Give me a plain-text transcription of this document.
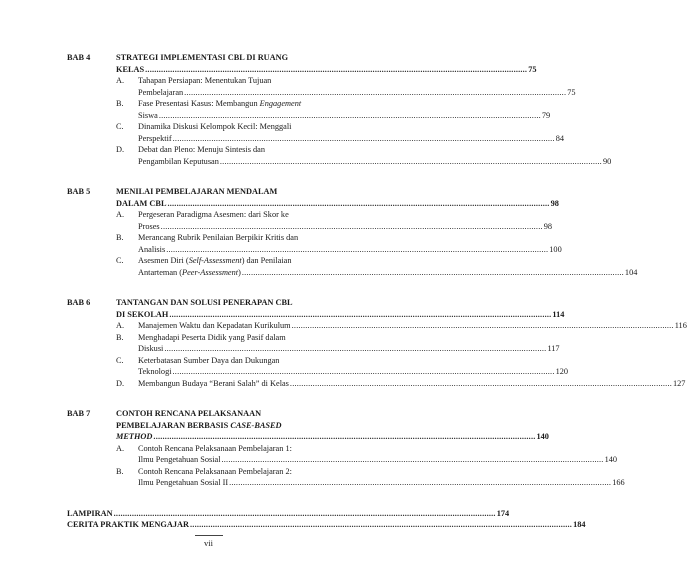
BAB 4	STRATEGI IMPLEMENTASI CBL DI RUANG
KELAS .....	75
A. Tahapan Persiapan: Menentukan Tujuan
Pembelajaran .....	75
B. Fase Presentasi Kasus: Membangun Engagement
Siswa .....	79
C. Dinamika Diskusi Kelompok Kecil: Menggali
Perspektif .....	84
D. Debat dan Pleno: Menuju Sintesis dan
Pengambilan Keputusan .....	90
BAB 5	MENILAI PEMBELAJARAN MENDALAM
DALAM CBL .....	98
A. Pergeseran Paradigma Asesmen: dari Skor ke
Proses .....	98
B. Merancang Rubrik Penilaian Berpikir Kritis dan
Analisis .....	100
C. Asesmen Diri (Self-Assessment) dan Penilaian
Antarteman (Peer-Assessment) .....	104
BAB 6	TANTANGAN DAN SOLUSI PENERAPAN CBL
DI SEKOLAH .....	114
A. Manajemen Waktu dan Kepadatan Kurikulum .....	116
B. Menghadapi Peserta Didik yang Pasif dalam
Diskusi .....	117
C. Keterbatasan Sumber Daya dan Dukungan
Teknologi .....	120
D. Membangun Budaya “Berani Salah” di Kelas .....	127
BAB 7	CONTOH RENCANA PELAKSANAAN
PEMBELAJARAN BERBASIS CASE-BASED
METHOD .....	140
A. Contoh Rencana Pelaksanaan Pembelajaran 1:
Ilmu Pengetahuan Sosial .....	140
B. Contoh Rencana Pelaksanaan Pembelajaran 2:
Ilmu Pengetahuan Sosial II .....	166
LAMPIRAN .....	174
CERITA PRAKTIK MENGAJAR .....	184
vii
